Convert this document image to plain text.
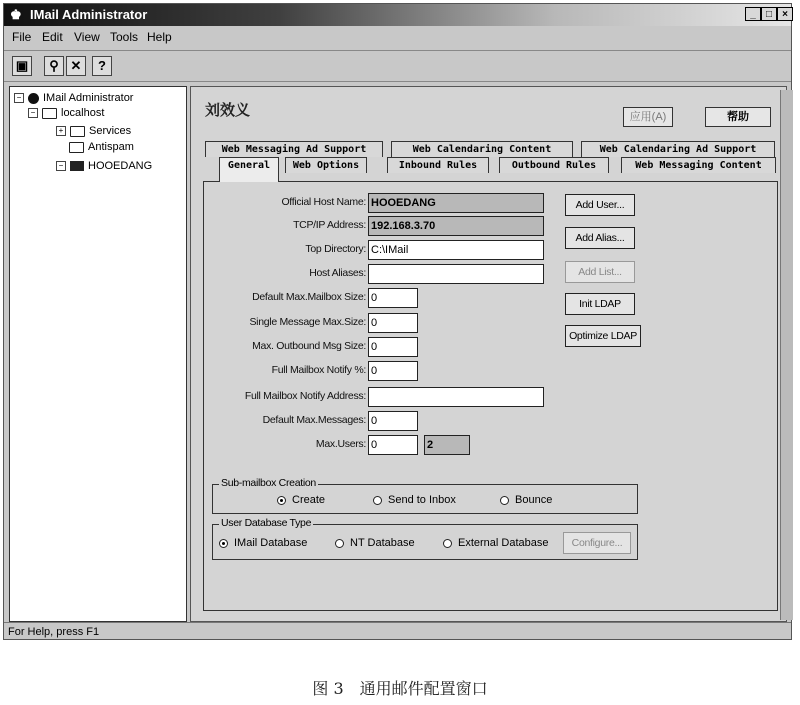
♚ IMail Administrator	_	□	×
File Edit View Tools Help
▣	⚲ ✕	?
− IMail Administrator
− localhost
+ Services
Antispam
− HOOEDANG
刘效义	应用(A)	帮助
Web Messaging Ad Support	Web Calendaring Content	Web Calendaring Ad Support
General	Web Options	Inbound Rules	Outbound Rules	Web Messaging Content
Official Host Name: HOOEDANG
TCP/IP Address: 192.168.3.70
Top Directory: C:\IMail
Host Aliases:
Default Max.Mailbox Size: 0
Single Message Max.Size: 0
Max. Outbound Msg Size: 0
Full Mailbox Notify %: 0
Full Mailbox Notify Address:
Default Max.Messages: 0
Max.Users: 0	2
Add User...
Add Alias...
Add List...
Init LDAP
Optimize LDAP
Sub-mailbox Creation
Create	Send to Inbox	Bounce
User Database Type
IMail Database	NT Database	External Database	Configure...
For Help, press F1
图 3　通用邮件配置窗口
